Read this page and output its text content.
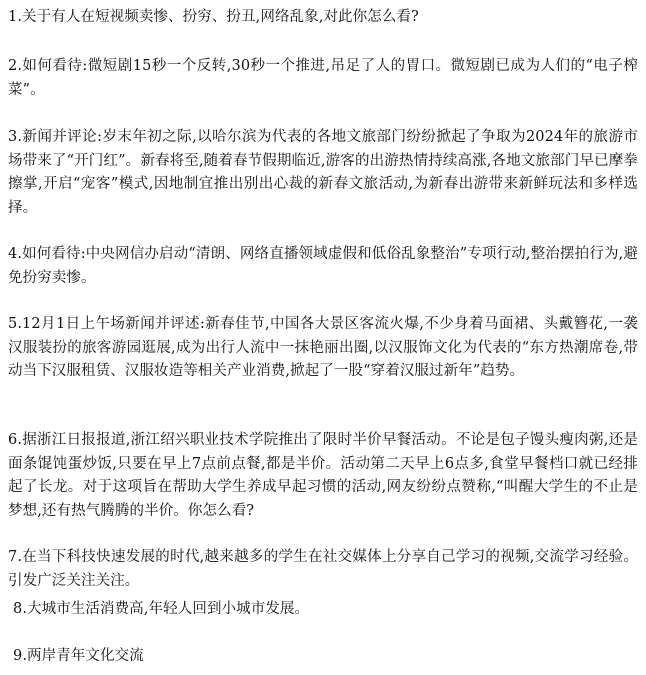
1.关于有人在短视频卖惨、扮穷、扮丑,网络乱象,对此你怎么看?

2.如何看待:微短剧15秒一个反转,30秒一个推进,吊足了人的胃口。微短剧已成为人们的“电子榨菜”。

3.新闻并评论:岁末年初之际,以哈尔滨为代表的各地文旅部门纷纷掀起了争取为2024年的旅游市场带来了“开门红”。新春将至,随着春节假期临近,游客的出游热情持续高涨,各地文旅部门早已摩拳擦掌,开启“宠客”模式,因地制宜推出别出心裁的新春文旅活动,为新春出游带来新鲜玩法和多样选择。

4.如何看待:中央网信办启动“清朗、网络直播领域虚假和低俗乱象整治”专项行动,整治摆拍行为,避免扮穷卖惨。

5.12月1日上午场新闻并评述:新春佳节,中国各大景区客流火爆,不少身着马面裙、头戴簪花,一袭汉服装扮的旅客游园逛展,成为出行人流中一抹艳丽出圈,以汉服饰文化为代表的“东方热潮席卷,带动当下汉服租赁、汉服妆造等相关产业消费,掀起了一股“穿着汉服过新年”趋势。

6.据浙江日报报道,浙江绍兴职业技术学院推出了限时半价早餐活动。不论是包子馒头瘦肉粥,还是面条馄饨蛋炒饭,只要在早上7点前点餐,都是半价。活动第二天早上6点多,食堂早餐档口就已经排起了长龙。对于这项旨在帮助大学生养成早起习惯的活动,网友纷纷点赞称,“叫醒大学生的不止是梦想,还有热气腾腾的半价。你怎么看?

7.在当下科技快速发展的时代,越来越多的学生在社交媒体上分享自己学习的视频,交流学习经验。引发广泛关注关注。

8.大城市生活消费高,年轻人回到小城市发展。

9.两岸青年文化交流
